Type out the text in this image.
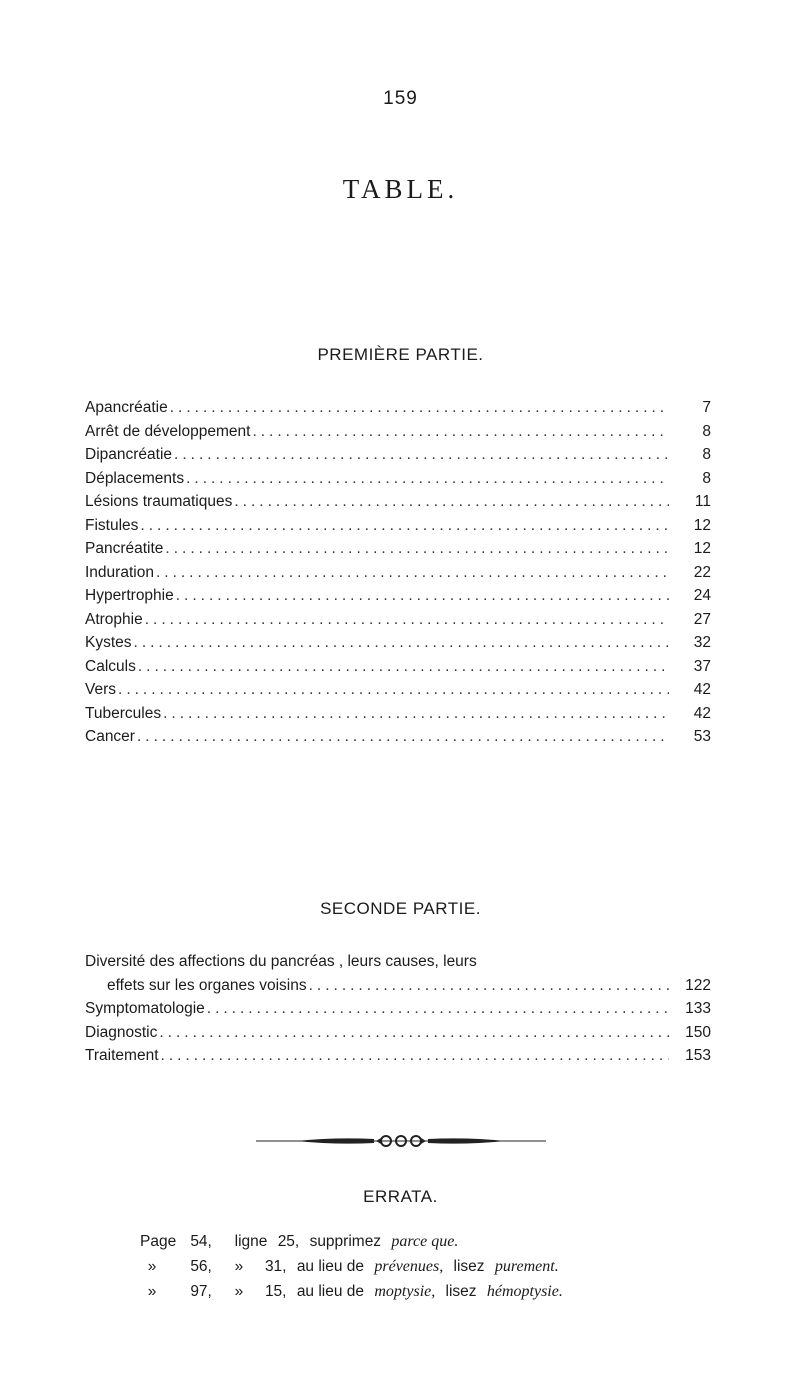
159
TABLE.
PREMIÈRE PARTIE.
Apancréatie .....	7
Arrêt de développement .....	8
Dipancréatie .....	8
Déplacements .....	8
Lésions traumatiques .....	11
Fistules .....	12
Pancréatite .....	12
Induration .....	22
Hypertrophie .....	24
Atrophie .....	27
Kystes .....	32
Calculs .....	37
Vers .....	42
Tubercules .....	42
Cancer .....	53
SECONDE PARTIE.
Diversité des affections du pancréas , leurs causes, leurs
effets sur les organes voisins .....	122
Symptomatologie .....	133
Diagnostic .....	150
Traitement .....	153
ERRATA.
Page 54, ligne 25, supprimez parce que.
» 56, » 31, au lieu de prévenues, lisez purement.
» 97, » 15, au lieu de moptysie, lisez hémoptysie.
